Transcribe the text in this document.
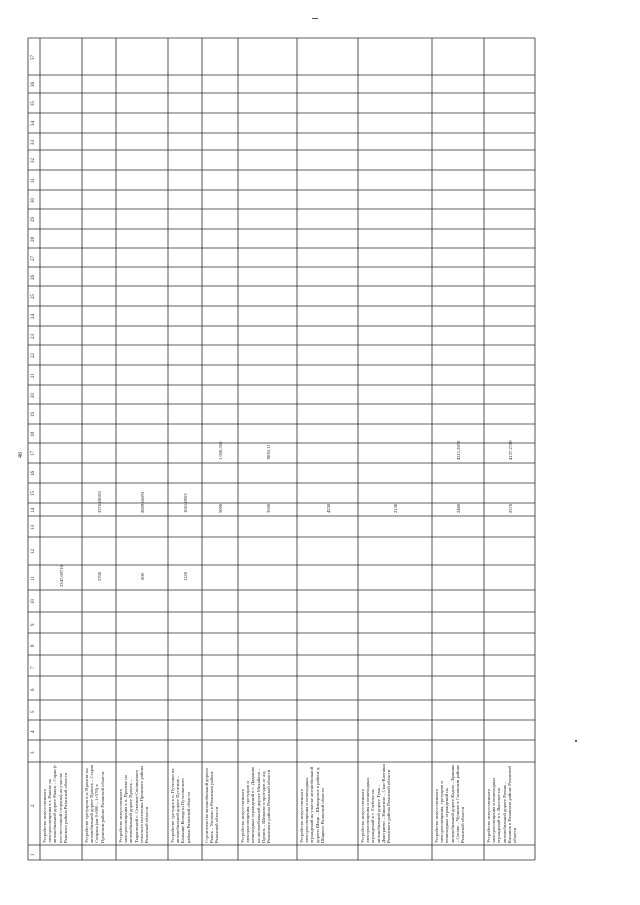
46
1
2
3
4
5
6
7
8
9
10
11
12
13
14
15
16
17
18
19
20
21
22
23
24
25
26
27
28
29
30
31
32
33
34
35
36
37
Устройство искусственного электроосвещения в г. Ряжске на автомобильной дороге Ряжск – Сараи (с юго-восточной стороны) на участке Ряжского района Рязанской области
2347,69716
Устройство тротуаров в п. Пронске на автомобильной дороге Пронск – Старая Сопрана (км 0+000 – 1+570) в Пронском районе Рязанской области
3700
3376,08183
Устройство искусственного электроосвещения в п. Пронске на автомобильной дороге Пронск – Тырновский с. Семенов-Скопинского сельского поселения Пронского района Рязанской области
600
2809,66591
Устройство тротуара в п. Путятино на автомобильной дороге Путятино – Большие Колодези Путятинского района Рязанской области
1120
1061,0953
Строительство автомобильной дороги Ряжск – Ухолово в Рязанском районе Рязанской области
5000
1 050,550
Устройство искусственного электроосвещения, тротуаров и пешеходных ограждений в с. Дядьково на автомобильной дороге Михайлов – Пронск – Шелково и проездов от а/д Рязанского района Рязанской области
3500
8036,11
Устройство искусственного электроосвещения и пешеходных ограждений на участке автомобильной дороги Шацк – Шиморское в районе д. Шацкого Рязанской области
4250
Устройство искусственного электроосвещения и пешеходных ограждений в с. Глебово на автомобильной дороге Тума – Дмитриево – Никитино – Спас-Клепики Рязанского района Рязанской области
2130
Устройство искусственного электроосвещения, тротуаров и пешеходных ограждений на автомобильной дороге Кадом – Ермишь – Сасово – Чучково в Сасовском районе Рязанской области
2460
4311,2876
Устройство искусственного электроосвещения и пешеходных ограждений в с. Высокое на автомобильной дороге Рязань – Касимов в Рязанском районе Рязанской области
2570
4137,2729
